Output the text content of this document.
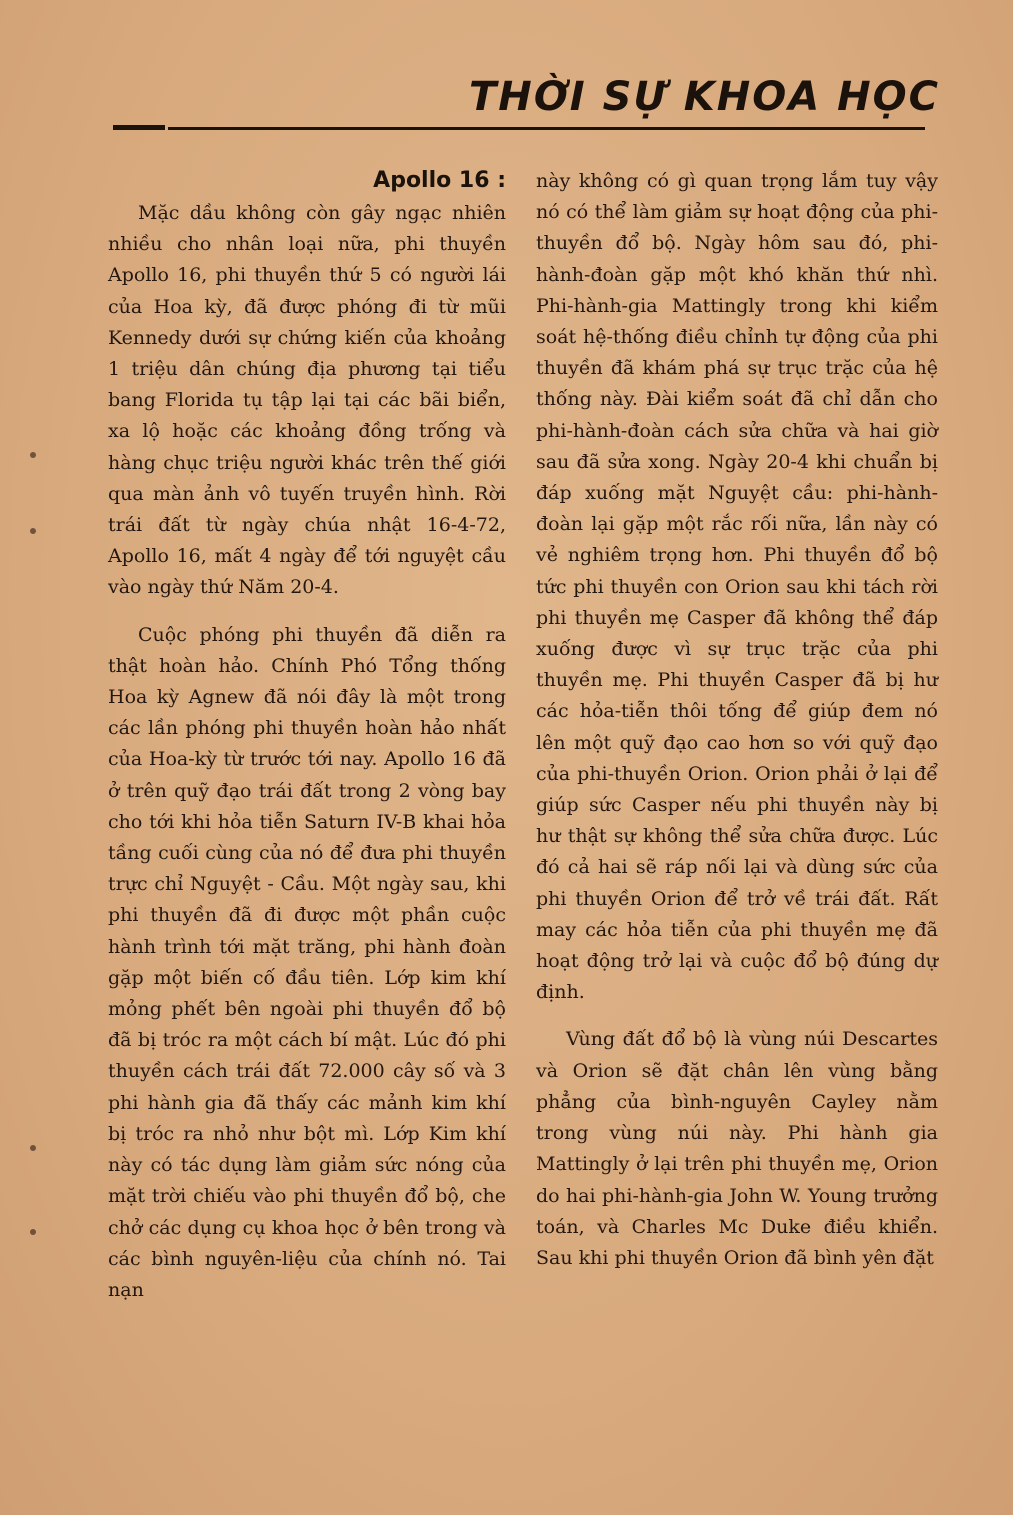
THỜI SỰ KHOA HỌC
Apollo 16 :

Mặc dầu không còn gây ngạc nhiên nhiều cho nhân loại nữa, phi thuyền Apollo 16, phi thuyền thứ 5 có người lái của Hoa kỳ, đã được phóng đi từ mũi Kennedy dưới sự chứng kiến của khoảng 1 triệu dân chúng địa phương tại tiểu bang Florida tụ tập lại tại các bãi biển, xa lộ hoặc các khoảng đồng trống và hàng chục triệu người khác trên thế giới qua màn ảnh vô tuyến truyền hình. Rời trái đất từ ngày chúa nhật 16-4-72, Apollo 16, mất 4 ngày để tới nguyệt cầu vào ngày thứ Năm 20-4.

Cuộc phóng phi thuyền đã diễn ra thật hoàn hảo. Chính Phó Tổng thống Hoa kỳ Agnew đã nói đây là một trong các lần phóng phi thuyền hoàn hảo nhất của Hoa-kỳ từ trước tới nay. Apollo 16 đã ở trên quỹ đạo trái đất trong 2 vòng bay cho tới khi hỏa tiễn Saturn IV-B khai hỏa tầng cuối cùng của nó để đưa phi thuyền trực chỉ Nguyệt - Cầu. Một ngày sau, khi phi thuyền đã đi được một phần cuộc hành trình tới mặt trăng, phi hành đoàn gặp một biến cố đầu tiên. Lớp kim khí mỏng phết bên ngoài phi thuyền đổ bộ đã bị tróc ra một cách bí mật. Lúc đó phi thuyền cách trái đất 72.000 cây số và 3 phi hành gia đã thấy các mảnh kim khí bị tróc ra nhỏ như bột mì. Lớp Kim khí này có tác dụng làm giảm sức nóng của mặt trời chiếu vào phi thuyền đổ bộ, che chở các dụng cụ khoa học ở bên trong và các bình nguyên-liệu của chính nó. Tai nạn

này không có gì quan trọng lắm tuy vậy nó có thể làm giảm sự hoạt động của phi-thuyền đổ bộ. Ngày hôm sau đó, phi-hành-đoàn gặp một khó khăn thứ nhì. Phi-hành-gia Mattingly trong khi kiểm soát hệ-thống điều chỉnh tự động của phi thuyền đã khám phá sự trục trặc của hệ thống này. Đài kiểm soát đã chỉ dẫn cho phi-hành-đoàn cách sửa chữa và hai giờ sau đã sửa xong. Ngày 20-4 khi chuẩn bị đáp xuống mặt Nguyệt cầu: phi-hành-đoàn lại gặp một rắc rối nữa, lần này có vẻ nghiêm trọng hơn. Phi thuyền đổ bộ tức phi thuyền con Orion sau khi tách rời phi thuyền mẹ Casper đã không thể đáp xuống được vì sự trục trặc của phi thuyền mẹ. Phi thuyền Casper đã bị hư các hỏa-tiễn thôi tống để giúp đem nó lên một quỹ đạo cao hơn so với quỹ đạo của phi-thuyền Orion. Orion phải ở lại để giúp sức Casper nếu phi thuyền này bị hư thật sự không thể sửa chữa được. Lúc đó cả hai sẽ ráp nối lại và dùng sức của phi thuyền Orion để trở về trái đất. Rất may các hỏa tiễn của phi thuyền mẹ đã hoạt động trở lại và cuộc đổ bộ đúng dự định.

Vùng đất đổ bộ là vùng núi Descartes và Orion sẽ đặt chân lên vùng bằng phẳng của bình-nguyên Cayley nằm trong vùng núi này. Phi hành gia Mattingly ở lại trên phi thuyền mẹ, Orion do hai phi-hành-gia John W. Young trưởng toán, và Charles Mc Duke điều khiển. Sau khi phi thuyền Orion đã bình yên đặt
